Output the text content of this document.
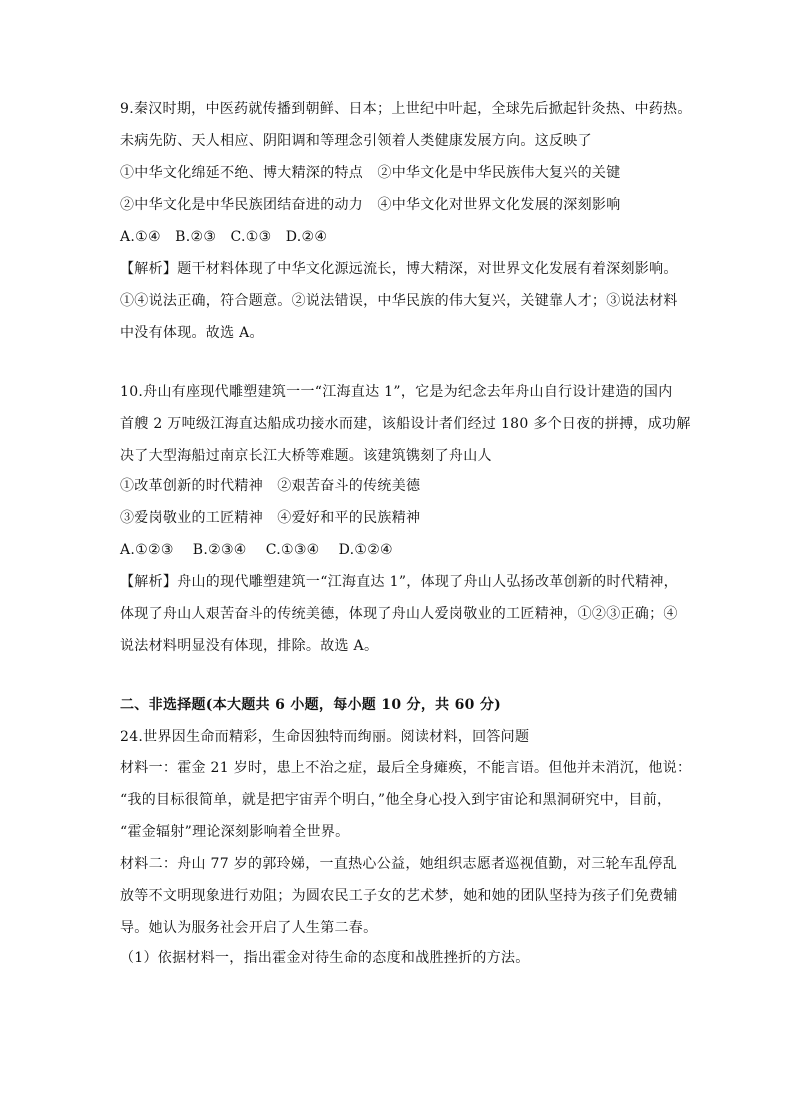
9.秦汉时期，中医药就传播到朝鲜、日本；上世纪中叶起，全球先后掀起针灸热、中药热。
未病先防、天人相应、阴阳调和等理念引领着人类健康发展方向。这反映了
①中华文化绵延不绝、博大精深的特点　②中华文化是中华民族伟大复兴的关键
②中华文化是中华民族团结奋进的动力　④中华文化对世界文化发展的深刻影响
A.①④　B.②③　C.①③　D.②④
【解析】题干材料体现了中华文化源远流长，博大精深，对世界文化发展有着深刻影响。
①④说法正确，符合题意。②说法错误，中华民族的伟大复兴，关键靠人才；③说法材料
中没有体现。故选 A。
10.舟山有座现代雕塑建筑一一“江海直达 1”，它是为纪念去年舟山自行设计建造的国内
首艘 2 万吨级江海直达船成功接水而建，该船设计者们经过 180 多个日夜的拼搏，成功解
决了大型海船过南京长江大桥等难题。该建筑镌刻了舟山人
①改革创新的时代精神　②艰苦奋斗的传统美德
③爱岗敬业的工匠精神　④爱好和平的民族精神
A.①②③　 B.②③④　 C.①③④　 D.①②④
【解析】舟山的现代雕塑建筑一“江海直达 1”，体现了舟山人弘扬改革创新的时代精神，
体现了舟山人艰苦奋斗的传统美德，体现了舟山人爱岗敬业的工匠精神，①②③正确；④
说法材料明显没有体现，排除。故选 A。
二、非选择题(本大题共 6 小题，每小题 10 分，共 60 分)
24.世界因生命而精彩，生命因独特而绚丽。阅读材料，回答问题
材料一：霍金 21 岁时，患上不治之症，最后全身瘫痪，不能言语。但他并未消沉，他说：
“我的目标很简单，就是把宇宙弄个明白，”他全身心投入到宇宙论和黑洞研究中，目前，
“霍金辐射”理论深刻影响着全世界。
材料二：舟山 77 岁的郭玲娣，一直热心公益，她组织志愿者巡视值勤，对三轮车乱停乱
放等不文明现象进行劝阻；为圆农民工子女的艺术梦，她和她的团队坚持为孩子们免费辅
导。她认为服务社会开启了人生第二春。
（1）依据材料一，指出霍金对待生命的态度和战胜挫折的方法。
